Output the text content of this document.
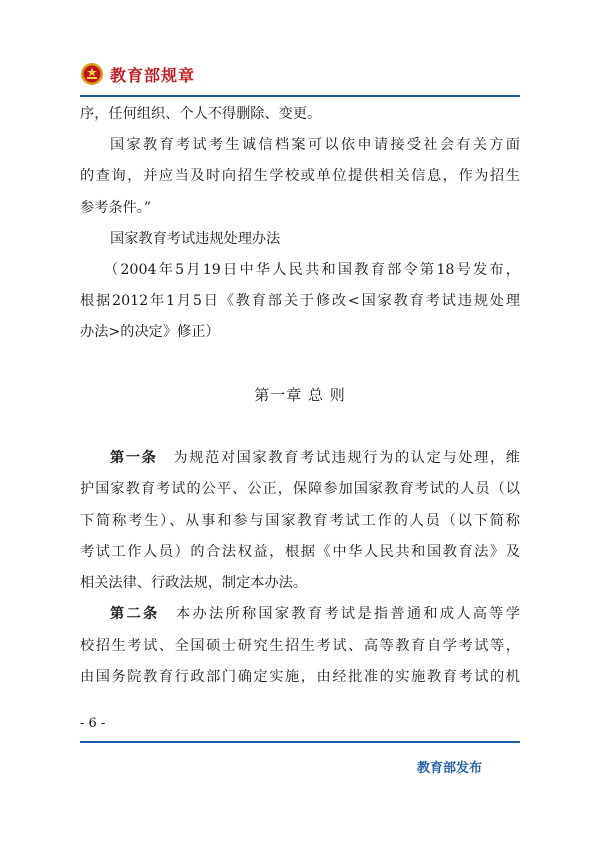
教育部规章
序，任何组织、个人不得删除、变更。
国家教育考试考生诚信档案可以依申请接受社会有关方面
的查询，并应当及时向招生学校或单位提供相关信息，作为招生
参考条件。”
国家教育考试违规处理办法
（2004年5月19日中华人民共和国教育部令第18号发布，
根据2012年1月5日《教育部关于修改<国家教育考试违规处理
办法>的决定》修正）
第一章 总 则
第一条　 为规范对国家教育考试违规行为的认定与处理，维
护国家教育考试的公平、公正，保障参加国家教育考试的人员（以
下简称考生）、从事和参与国家教育考试工作的人员（以下简称
考试工作人员）的合法权益，根据《中华人民共和国教育法》及
相关法律、行政法规，制定本办法。
第二条　 本办法所称国家教育考试是指普通和成人高等学
校招生考试、全国硕士研究生招生考试、高等教育自学考试等，
由国务院教育行政部门确定实施，由经批准的实施教育考试的机
- 6 -
教育部发布
